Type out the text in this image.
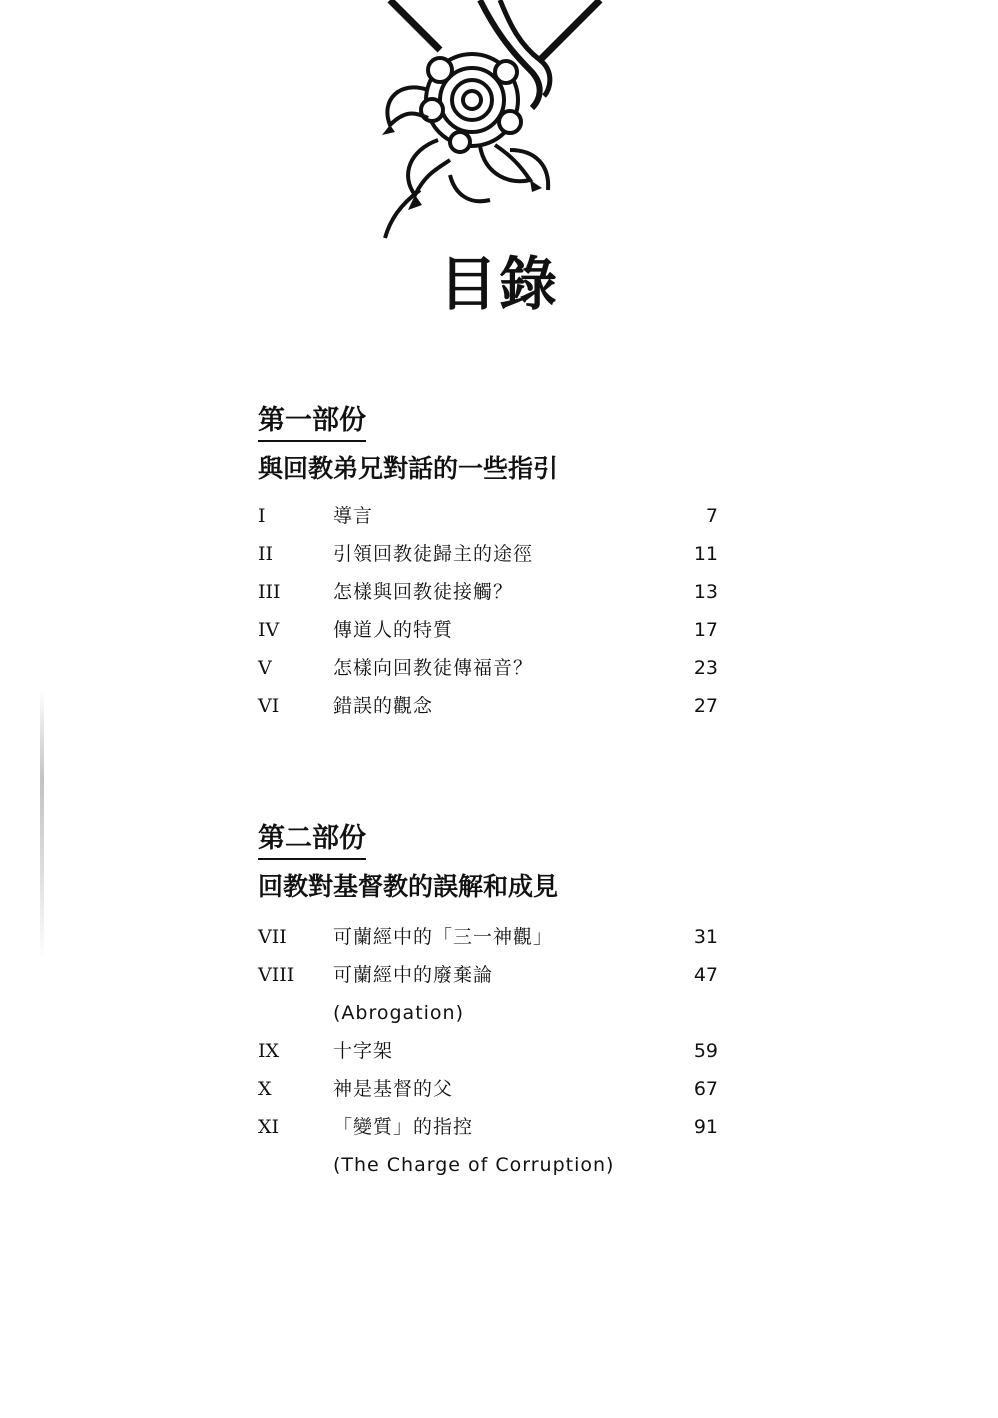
目錄
第一部份
與回教弟兄對話的一些指引
I	導言	7
II	引領回教徒歸主的途徑	11
III	怎樣與回教徒接觸？	13
IV	傳道人的特質	17
V	怎樣向回教徒傳福音？	23
VI	錯誤的觀念	27
第二部份
回教對基督教的誤解和成見
VII 可蘭經中的「三一神觀」	31
VIII 可蘭經中的廢棄論	47
(Abrogation)
IX	十字架	59
X	神是基督的父	67
XI	「變質」的指控	91
(The Charge of Corruption)
